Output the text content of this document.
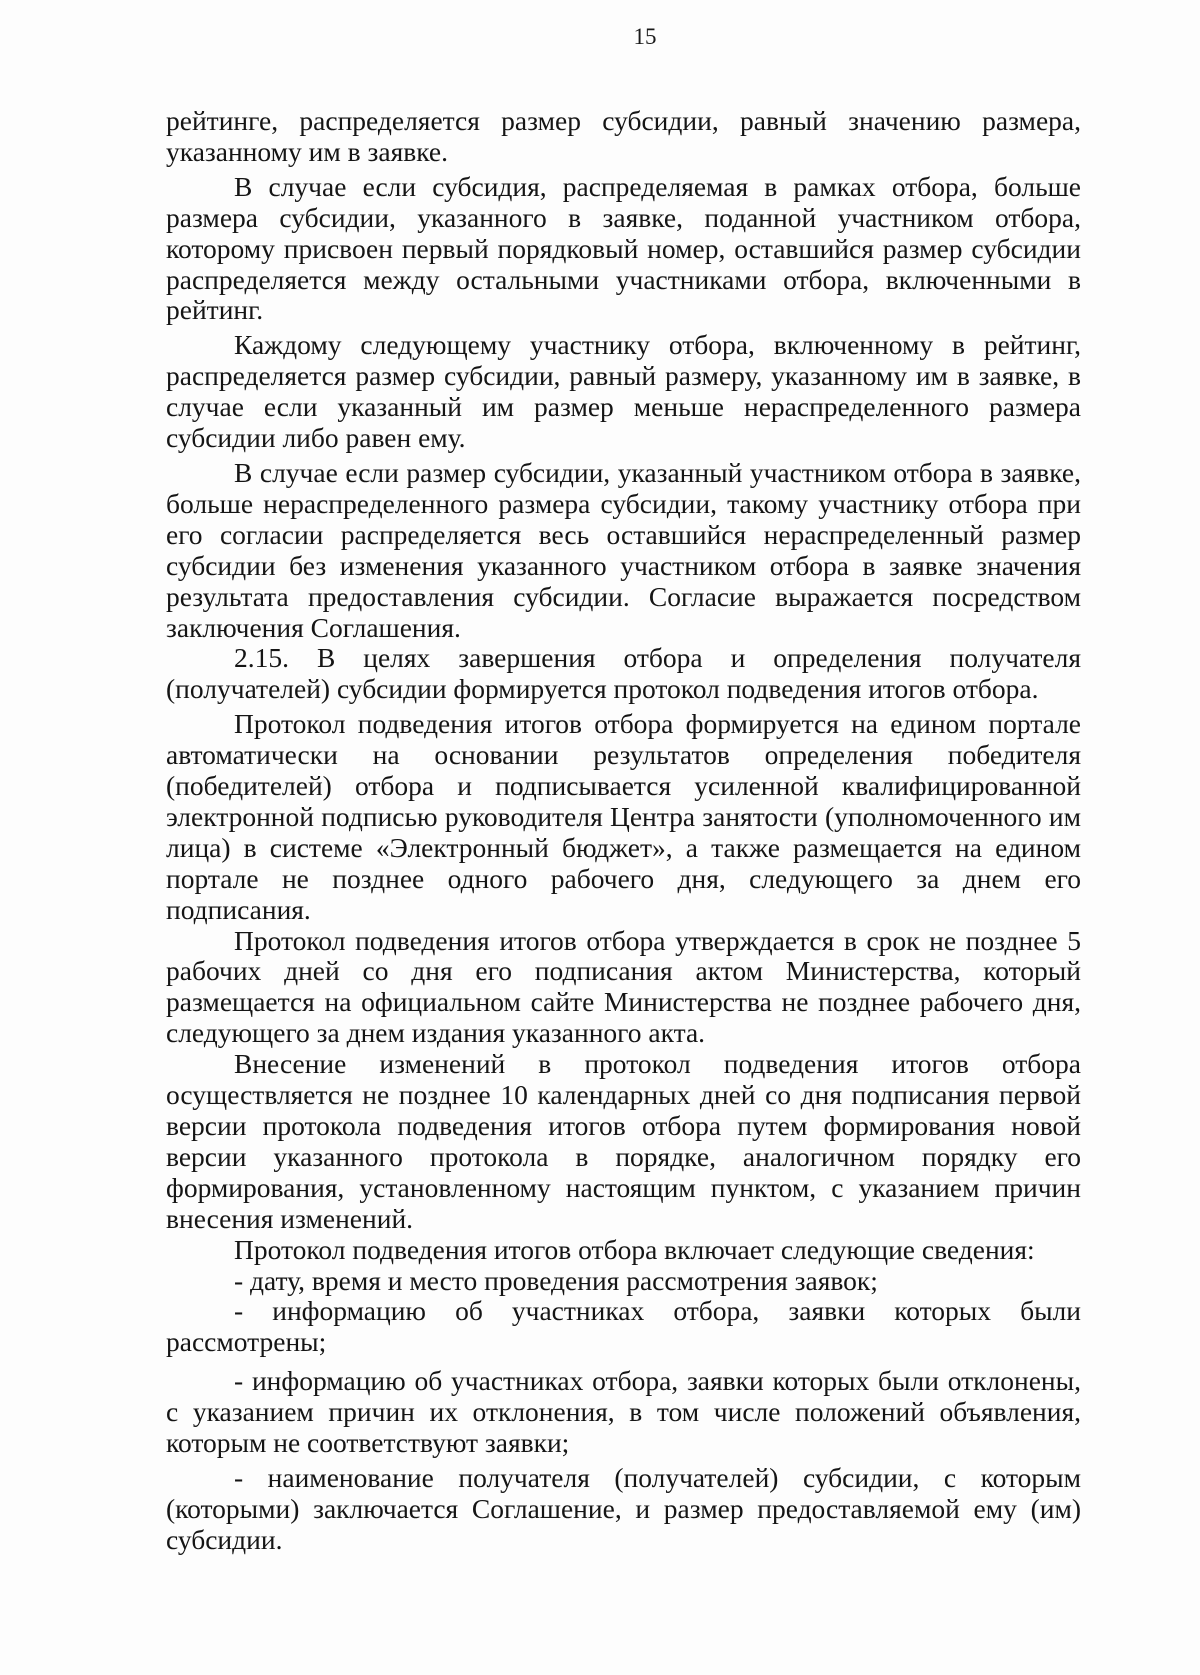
15

рейтинге, распределяется размер субсидии, равный значению размера, указанному им в заявке.

В случае если субсидия, распределяемая в рамках отбора, больше размера субсидии, указанного в заявке, поданной участником отбора, которому присвоен первый порядковый номер, оставшийся размер субсидии распределяется между остальными участниками отбора, включенными в рейтинг.

Каждому следующему участнику отбора, включенному в рейтинг, распределяется размер субсидии, равный размеру, указанному им в заявке, в случае если указанный им размер меньше нераспределенного размера субсидии либо равен ему.

В случае если размер субсидии, указанный участником отбора в заявке, больше нераспределенного размера субсидии, такому участнику отбора при его согласии распределяется весь оставшийся нераспределенный размер субсидии без изменения указанного участником отбора в заявке значения результата предоставления субсидии. Согласие выражается посредством заключения Соглашения.

2.15. В целях завершения отбора и определения получателя (получателей) субсидии формируется протокол подведения итогов отбора.

Протокол подведения итогов отбора формируется на едином портале автоматически на основании результатов определения победителя (победителей) отбора и подписывается усиленной квалифицированной электронной подписью руководителя Центра занятости (уполномоченного им лица) в системе «Электронный бюджет», а также размещается на едином портале не позднее одного рабочего дня, следующего за днем его подписания.

Протокол подведения итогов отбора утверждается в срок не позднее 5 рабочих дней со дня его подписания актом Министерства, который размещается на официальном сайте Министерства не позднее рабочего дня, следующего за днем издания указанного акта.

Внесение изменений в протокол подведения итогов отбора осуществляется не позднее 10 календарных дней со дня подписания первой версии протокола подведения итогов отбора путем формирования новой версии указанного протокола в порядке, аналогичном порядку его формирования, установленному настоящим пунктом, с указанием причин внесения изменений.

Протокол подведения итогов отбора включает следующие сведения:

- дату, время и место проведения рассмотрения заявок;

- информацию об участниках отбора, заявки которых были рассмотрены;

- информацию об участниках отбора, заявки которых были отклонены, с указанием причин их отклонения, в том числе положений объявления, которым не соответствуют заявки;

- наименование получателя (получателей) субсидии, с которым (которыми) заключается Соглашение, и размер предоставляемой ему (им) субсидии.
